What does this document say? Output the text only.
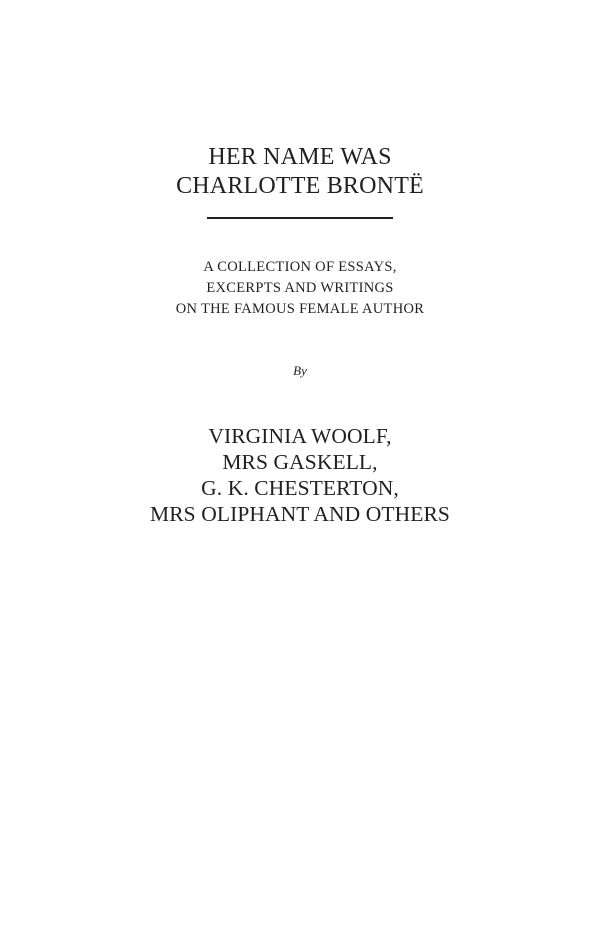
HER NAME WAS
CHARLOTTE BRONTË
A COLLECTION OF ESSAYS,
EXCERPTS AND WRITINGS
ON THE FAMOUS FEMALE AUTHOR
By
VIRGINIA WOOLF,
MRS GASKELL,
G. K. CHESTERTON,
MRS OLIPHANT AND OTHERS
